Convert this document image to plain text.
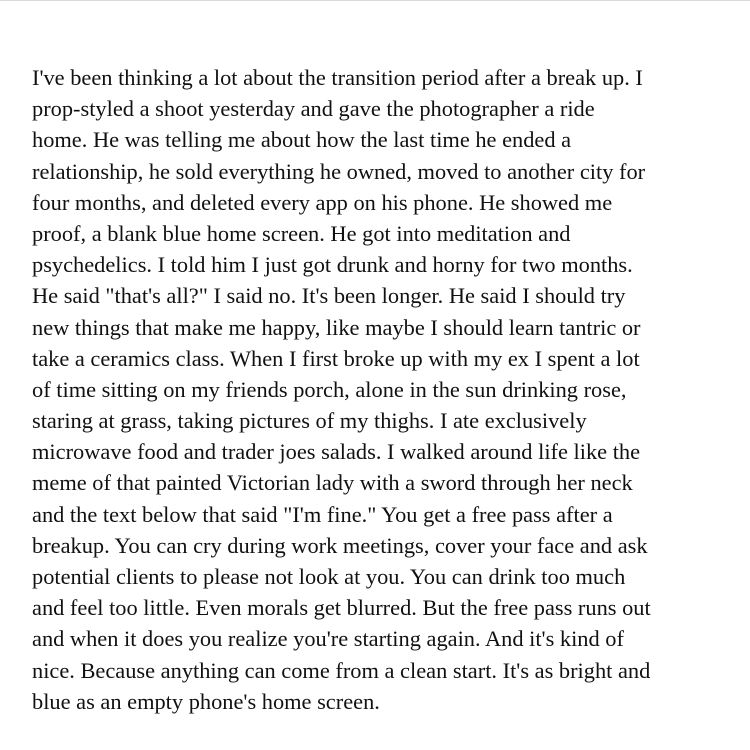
I've been thinking a lot about the transition period after a break up. I
prop-styled a shoot yesterday and gave the photographer a ride
home. He was telling me about how the last time he ended a
relationship, he sold everything he owned, moved to another city for
four months, and deleted every app on his phone. He showed me
proof, a blank blue home screen. He got into meditation and
psychedelics. I told him I just got drunk and horny for two months.
He said "that's all?" I said no. It's been longer. He said I should try
new things that make me happy, like maybe I should learn tantric or
take a ceramics class. When I first broke up with my ex I spent a lot
of time sitting on my friends porch, alone in the sun drinking rose,
staring at grass, taking pictures of my thighs. I ate exclusively
microwave food and trader joes salads. I walked around life like the
meme of that painted Victorian lady with a sword through her neck
and the text below that said "I'm fine." You get a free pass after a
breakup. You can cry during work meetings, cover your face and ask
potential clients to please not look at you. You can drink too much
and feel too little. Even morals get blurred. But the free pass runs out
and when it does you realize you're starting again. And it's kind of
nice. Because anything can come from a clean start. It's as bright and
blue as an empty phone's home screen.
